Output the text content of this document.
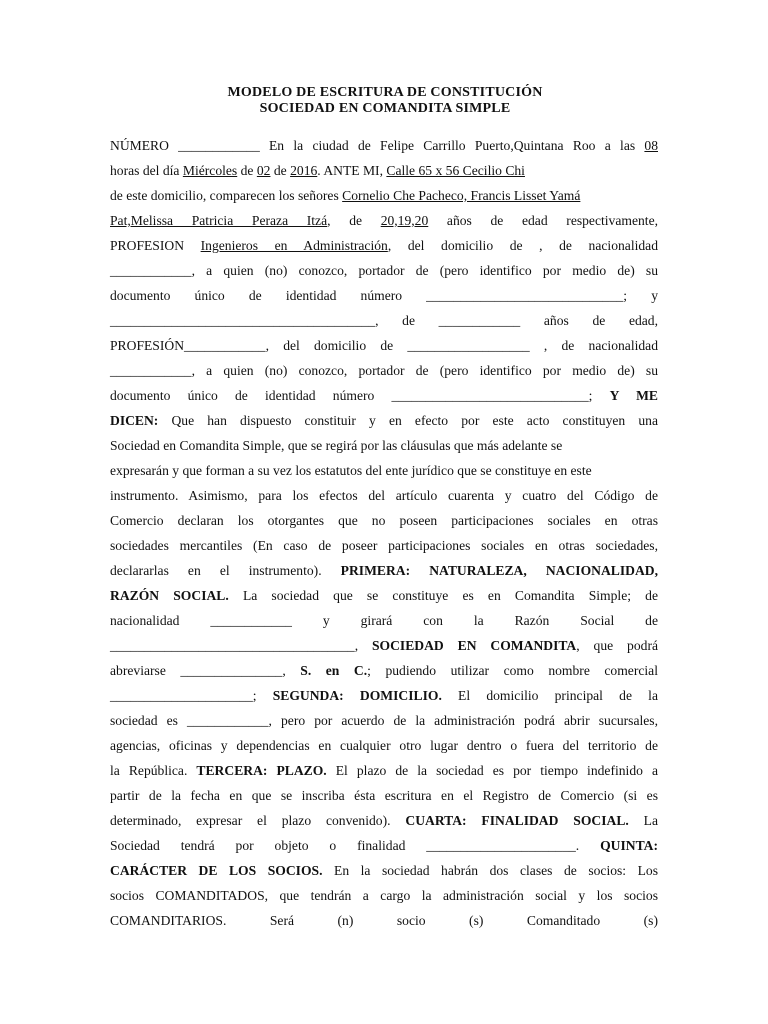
MODELO DE ESCRITURA DE CONSTITUCIÓN
SOCIEDAD EN COMANDITA SIMPLE
NÚMERO ____________ En la ciudad de Felipe Carrillo Puerto,Quintana Roo a las 08
horas del día Miércoles de 02 de 2016. ANTE MI, Calle 65 x 56 Cecilio Chi
de este domicilio, comparecen los señores Cornelio Che Pacheco, Francis Lisset Yamá
Pat,Melissa Patricia Peraza Itzá, de 20,19,20 años de edad respectivamente,
PROFESION Ingenieros en Administración, del domicilio de , de nacionalidad
____________, a quien (no) conozco, portador de (pero identifico por medio de) su
documento único de identidad número _____________________________; y
_______________________________________, de ____________ años de edad,
PROFESIÓN____________, del domicilio de __________________ , de nacionalidad
____________, a quien (no) conozco, portador de (pero identifico por medio de) su
documento único de identidad número _____________________________; Y ME
DICEN: Que han dispuesto constituir y en efecto por este acto constituyen una
Sociedad en Comandita Simple, que se regirá por las cláusulas que más adelante se
expresarán y que forman a su vez los estatutos del ente jurídico que se constituye en este
instrumento. Asimismo, para los efectos del artículo cuarenta y cuatro del Código de
Comercio declaran los otorgantes que no poseen participaciones sociales en otras
sociedades mercantiles (En caso de poseer participaciones sociales en otras sociedades,
declararlas en el instrumento). PRIMERA: NATURALEZA, NACIONALIDAD,
RAZÓN SOCIAL. La sociedad que se constituye es en Comandita Simple; de
nacionalidad ____________ y girará con la Razón Social de
____________________________________, SOCIEDAD EN COMANDITA, que podrá
abreviarse _______________, S. en C.; pudiendo utilizar como nombre comercial
_____________________; SEGUNDA: DOMICILIO. El domicilio principal de la
sociedad es ____________, pero por acuerdo de la administración podrá abrir sucursales,
agencias, oficinas y dependencias en cualquier otro lugar dentro o fuera del territorio de
la República. TERCERA: PLAZO. El plazo de la sociedad es por tiempo indefinido a
partir de la fecha en que se inscriba ésta escritura en el Registro de Comercio (si es
determinado, expresar el plazo convenido). CUARTA: FINALIDAD SOCIAL. La
Sociedad tendrá por objeto o finalidad ______________________. QUINTA:
CARÁCTER DE LOS SOCIOS. En la sociedad habrán dos clases de socios: Los
socios COMANDITADOS, que tendrán a cargo la administración social y los socios
COMANDITARIOS. Será (n) socio (s) Comanditado (s)
